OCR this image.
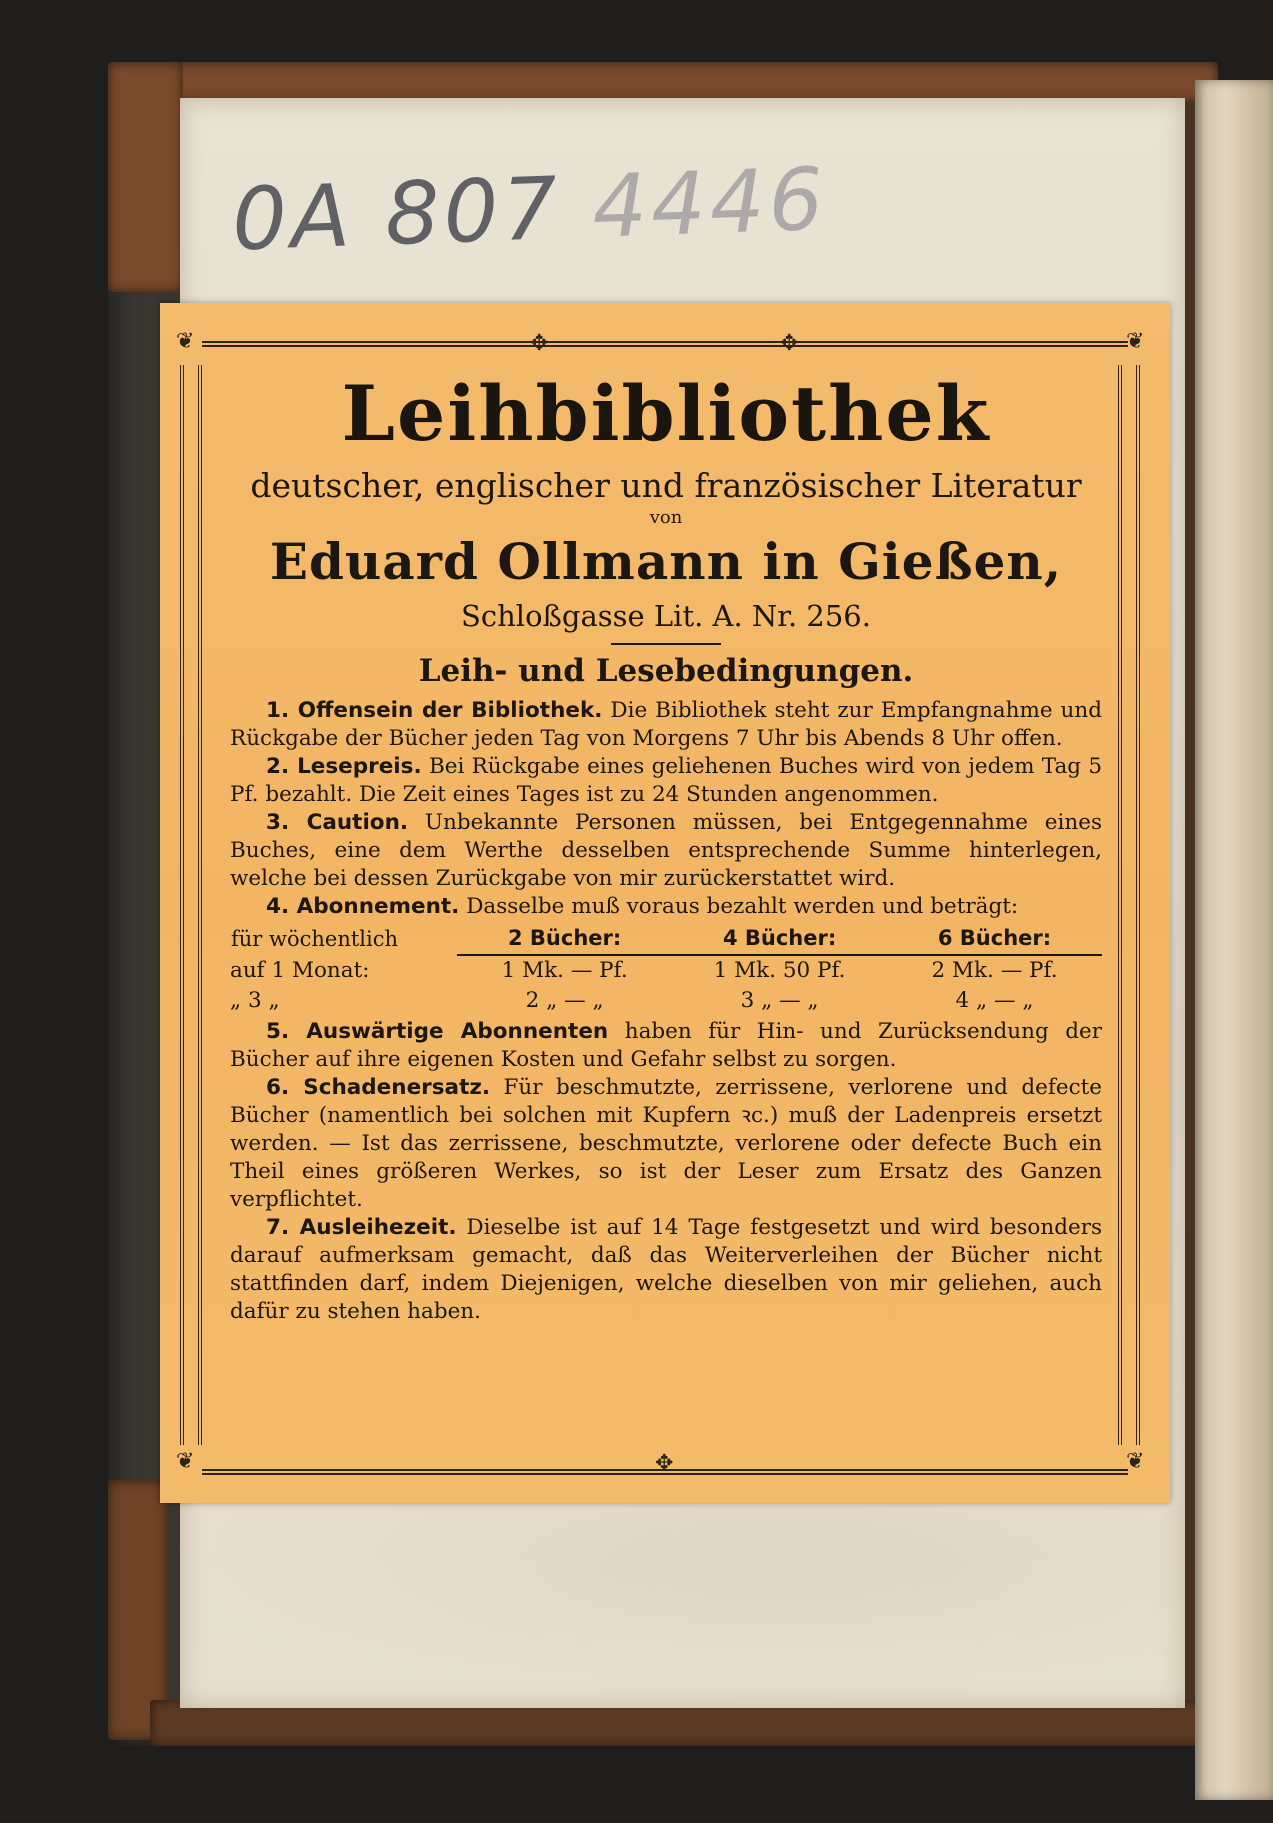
0A 807 4446
❦	❦
❦	❦
✥	✥
✥
Leihbibliothek
deutscher, englischer und französischer Literatur
von
Eduard Ollmann in Gießen,
Schloßgasse Lit. A. Nr. 256.
Leih- und Lesebedingungen.

1. Offensein der Bibliothek. Die Bibliothek steht zur Empfangnahme und Rückgabe der Bücher jeden Tag von Morgens 7 Uhr bis Abends 8 Uhr offen.

2. Lesepreis. Bei Rückgabe eines geliehenen Buches wird von jedem Tag 5 Pf. bezahlt. Die Zeit eines Tages ist zu 24 Stunden angenommen.

3. Caution. Unbekannte Personen müssen, bei Entgegennahme eines Buches, eine dem Werthe desselben entsprechende Summe hinterlegen, welche bei dessen Zurückgabe von mir zurückerstattet wird.

4. Abonnement. Dasselbe muß voraus bezahlt werden und beträgt:

für wöchentlich	2 Bücher:	4 Bücher:	6 Bücher:
auf 1 Monat:	1 Mk. — Pf.	1 Mk. 50 Pf.	2 Mk. — Pf.
„ 3 „	2 „ — „	3 „ — „	4 „ — „

5. Auswärtige Abonnenten haben für Hin- und Zurücksendung der Bücher auf ihre eigenen Kosten und Gefahr selbst zu sorgen.

6. Schadenersatz. Für beschmutzte, zerrissene, verlorene und defecte Bücher (namentlich bei solchen mit Kupfern ꝛc.) muß der Ladenpreis ersetzt werden. — Ist das zerrissene, beschmutzte, verlorene oder defecte Buch ein Theil eines größeren Werkes, so ist der Leser zum Ersatz des Ganzen verpflichtet.

7. Ausleihezeit. Dieselbe ist auf 14 Tage festgesetzt und wird besonders darauf aufmerksam gemacht, daß das Weiterverleihen der Bücher nicht stattfinden darf, indem Diejenigen, welche dieselben von mir geliehen, auch dafür zu stehen haben.
